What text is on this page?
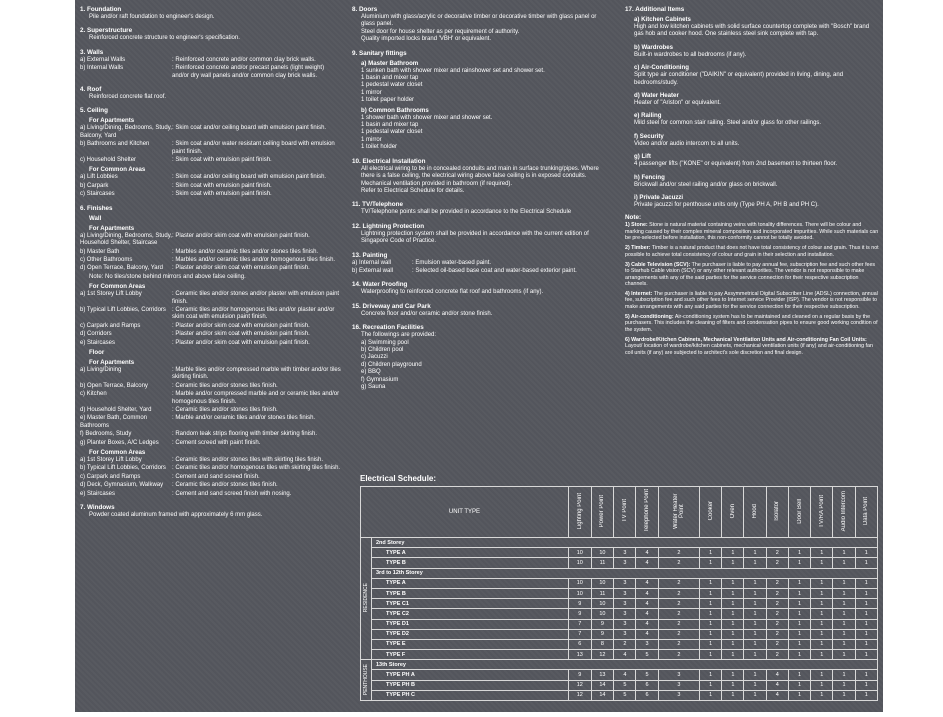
1. Foundation
Pile and/or raft foundation to engineer's design.
2. Superstructure
Reinforced concrete structure to engineer's specification.
3. Walls
a) External Walls	: Reinforced concrete and/or common clay brick walls.
b) Internal Walls	: Reinforced concrete and/or precast panels (light weight) and/or dry wall panels and/or common clay brick walls.
4. Roof
Reinforced concrete flat roof.
5. Ceiling
For Apartments
a) Living/Dining, Bedrooms, Study, Balcony, Yard
: Skim coat and/or ceiling board with emulsion paint finish.
b) Bathrooms and Kitchen	: Skim coat and/or water resistant ceiling board with emulsion paint finish.
c) Household Shelter	: Skim coat with emulsion paint finish.
For Common Areas
a) Lift Lobbies	: Skim coat and/or ceiling board with emulsion paint finish.
b) Carpark	: Skim coat with emulsion paint finish.
c) Staircases	: Skim coat with emulsion paint finish.
6. Finishes
Wall
For Apartments
a) Living/Dining, Bedrooms, Study, Household Shelter, Staircase
: Plaster and/or skim coat with emulsion paint finish.
b) Master Bath	: Marbles and/or ceramic tiles and/or stones tiles finish.
c) Other Bathrooms	: Marbles and/or ceramic tiles and/or homogenous tiles finish.
d) Open Terrace, Balcony, Yard	: Plaster and/or skim coat with emulsion paint finish.
Note: No tiles/stone behind mirrors and above false ceiling.
For Common Areas
a) 1st Storey Lift Lobby	: Ceramic tiles and/or stones and/or plaster with emulsion paint finish.
b) Typical Lift Lobbies, Corridors	: Ceramic tiles and/or homogenous tiles and/or plaster and/or skim coat with emulsion paint finish.
c) Carpark and Ramps	: Plaster and/or skim coat with emulsion paint finish.
d) Corridors	: Plaster and/or skim coat with emulsion paint finish.
e) Staircases	: Plaster and/or skim coat with emulsion paint finish.
Floor
For Apartments
a) Living/Dining	: Marble tiles and/or compressed marble with timber and/or tiles skirting finish.
b) Open Terrace, Balcony	: Ceramic tiles and/or stones tiles finish.
c) Kitchen	: Marble and/or compressed marble and or ceramic tiles and/or homogenous tiles finish.
d) Household Shelter, Yard	: Ceramic tiles and/or stones tiles finish.
e) Master Bath, Common Bathrooms
: Marble and/or ceramic tiles and/or stones tiles finish.
f) Bedrooms, Study	: Random teak strips flooring with timber skirting finish.
g) Planter Boxes, A/C Ledges	: Cement screed with paint finish.
For Common Areas
a) 1st Storey Lift Lobby	: Ceramic tiles and/or stones tiles with skirting tiles finish.
b) Typical Lift Lobbies, Corridors	: Ceramic tiles and/or homogenous tiles with skirting tiles finish.
c) Carpark and Ramps	: Cement and sand screed finish.
d) Deck, Gymnasium, Walkway	: Ceramic tiles and/or stones tiles finish.
e) Staircases	: Cement and sand screed finish with nosing.
7. Windows
Powder coated aluminum framed with approximately 6 mm glass.
8. Doors
Aluminium with glass/acrylic or decorative timber or decorative timber with glass panel or glass panel.
Steel door for house shelter as per requirement of authority.
Quality imported locks brand 'VBH' or equivalent.
9. Sanitary fittings
a) Master Bathroom
1 sunken bath with shower mixer and rainshower set and shower set.
1 basin and mixer tap
1 pedestal water closet
1 mirror
1 toilet paper holder
b) Common Bathrooms
1 shower bath with shower mixer and shower set.
1 basin and mixer tap
1 pedestal water closet
1 mirror
1 toilet holder
10. Electrical Installation
All electrical wiring to be in concealed conduits and main in surface trunking/pipes. Where there is a false ceiling, the electrical wiring above false ceiling is in exposed conduits. Mechanical ventilation provided in bathroom (if required).
Refer to Electrical Schedule for details.
11. TV/Telephone
TV/Telephone points shall be provided in accordance to the Electrical Schedule
12. Lightning Protection
Lightning protection system shall be provided in accordance with the current edition of Singapore Code of Practice.
13. Painting
a) Internal wall	: Emulsion water-based paint.
b) External wall	: Selected oil-based base coat and water-based exterior paint.
14. Water Proofing
Waterproofing to reinforced concrete flat roof and bathrooms (if any).
15. Driveway and Car Park
Concrete floor and/or ceramic and/or stone finish.
16. Recreation Facilities
The followings are provided:
a) Swimming pool
b) Children pool
c) Jacuzzi
d) Children playground
e) BBQ
f) Gymnasium
g) Sauna
17. Additional Items
a) Kitchen Cabinets
High and low kitchen cabinets with solid surface countertop complete with "Bosch" brand gas hob and cooker hood. One stainless steel sink complete with tap.
b) Wardrobes
Built-in wardrobes to all bedrooms (if any).
c) Air-Conditioning
Split type air conditioner ("DAIKIN" or equivalent) provided in living, dining, and bedrooms/study.
d) Water Heater
Heater of "Ariston" or equivalent.
e) Railing
Mild steel for common stair railing. Steel and/or glass for other railings.
f) Security
Video and/or audio intercom to all units.
g) Lift
4 passenger lifts ("KONE" or equivalent) from 2nd basement to thirteen floor.
h) Fencing
Brickwall and/or steel railing and/or glass on brickwall.
i) Private Jacuzzi
Private jacuzzi for penthouse units only (Type PH A, PH B and PH C).
Note:
1) Stone: Stone is natural material containing veins with tonality differences. There will be colour and marking caused by their complex mineral composition and incorporated impurities. While such materials can be pre-selected before installation, this non-conformity cannot be totally avoided.
2) Timber: Timber is a natural product that does not have total consistency of colour and grain. Thus it is not possible to achieve total consistency of colour and grain in their selection and installation.
3) Cable Television (SCV): The purchaser is liable to pay annual fee, subscription fee and such other fees to Starhub Cable vision (SCV) or any other relevant authorities. The vendor is not responsible to make arrangements with any of the said parties for the service connection for their respective subscription channels.
4) Internet: The purchaser is liable to pay Assymmetrical Digital Subscriber Line (ADSL) connection, annual fee, subscription fee and such other fees to Internet service Provider (ISP). The vendor is not responsible to make arrangements with any said parties for the service connection for their respective subscription.
5) Air-conditioning: Air-conditioning system has to be maintained and cleaned on a regular basis by the purchasers. This includes the cleaning of filters and condensation pipes to ensure good working condition of the system.
6) Wardrobe/Kitchen Cabinets, Mechanical Ventilation Units and Air-conditioning Fan Coil Units: Layout/ location of wardrobe/kitchen cabinets, mechanical ventilation units (if any) and air-conditioning fan coil units (if any) are subjected to architect's sole discretion and final design.
Electrical Schedule:
UNIT TYPE		Lighting Point	Power Point	TV Point	Telephone Point	Water Heater Point	Cooker	Oven	Hood	Isolator	Door Bell	TV/RA Point	Audio Intercom	Data Point
RESIDENCE	2nd Storey													
	TYPE A	10	10	3	4	2	1	1	1	2	1	1	1	1
	TYPE B	10	11	3	4	2	1	1	1	2	1	1	1	1
	3rd to 12th Storey													
	TYPE A	10	10	3	4	2	1	1	1	2	1	1	1	1
	TYPE B	10	11	3	4	2	1	1	1	2	1	1	1	1
	TYPE C1	9	10	3	4	2	1	1	1	2	1	1	1	1
	TYPE C2	9	10	3	4	2	1	1	1	2	1	1	1	1
	TYPE D1	7	9	3	4	2	1	1	1	2	1	1	1	1
	TYPE D2	7	9	3	4	2	1	1	1	2	1	1	1	1
	TYPE E	6	8	2	3	2	1	1	1	2	1	1	1	1
	TYPE F	13	12	4	5	2	1	1	1	2	1	1	1	1
PENTHOUSE	13th Storey													
	TYPE PH A	9	13	4	5	3	1	1	1	4	1	1	1	1
	TYPE PH B	12	14	5	6	3	1	1	1	4	1	1	1	1
	TYPE PH C	12	14	5	6	3	1	1	1	4	1	1	1	1
